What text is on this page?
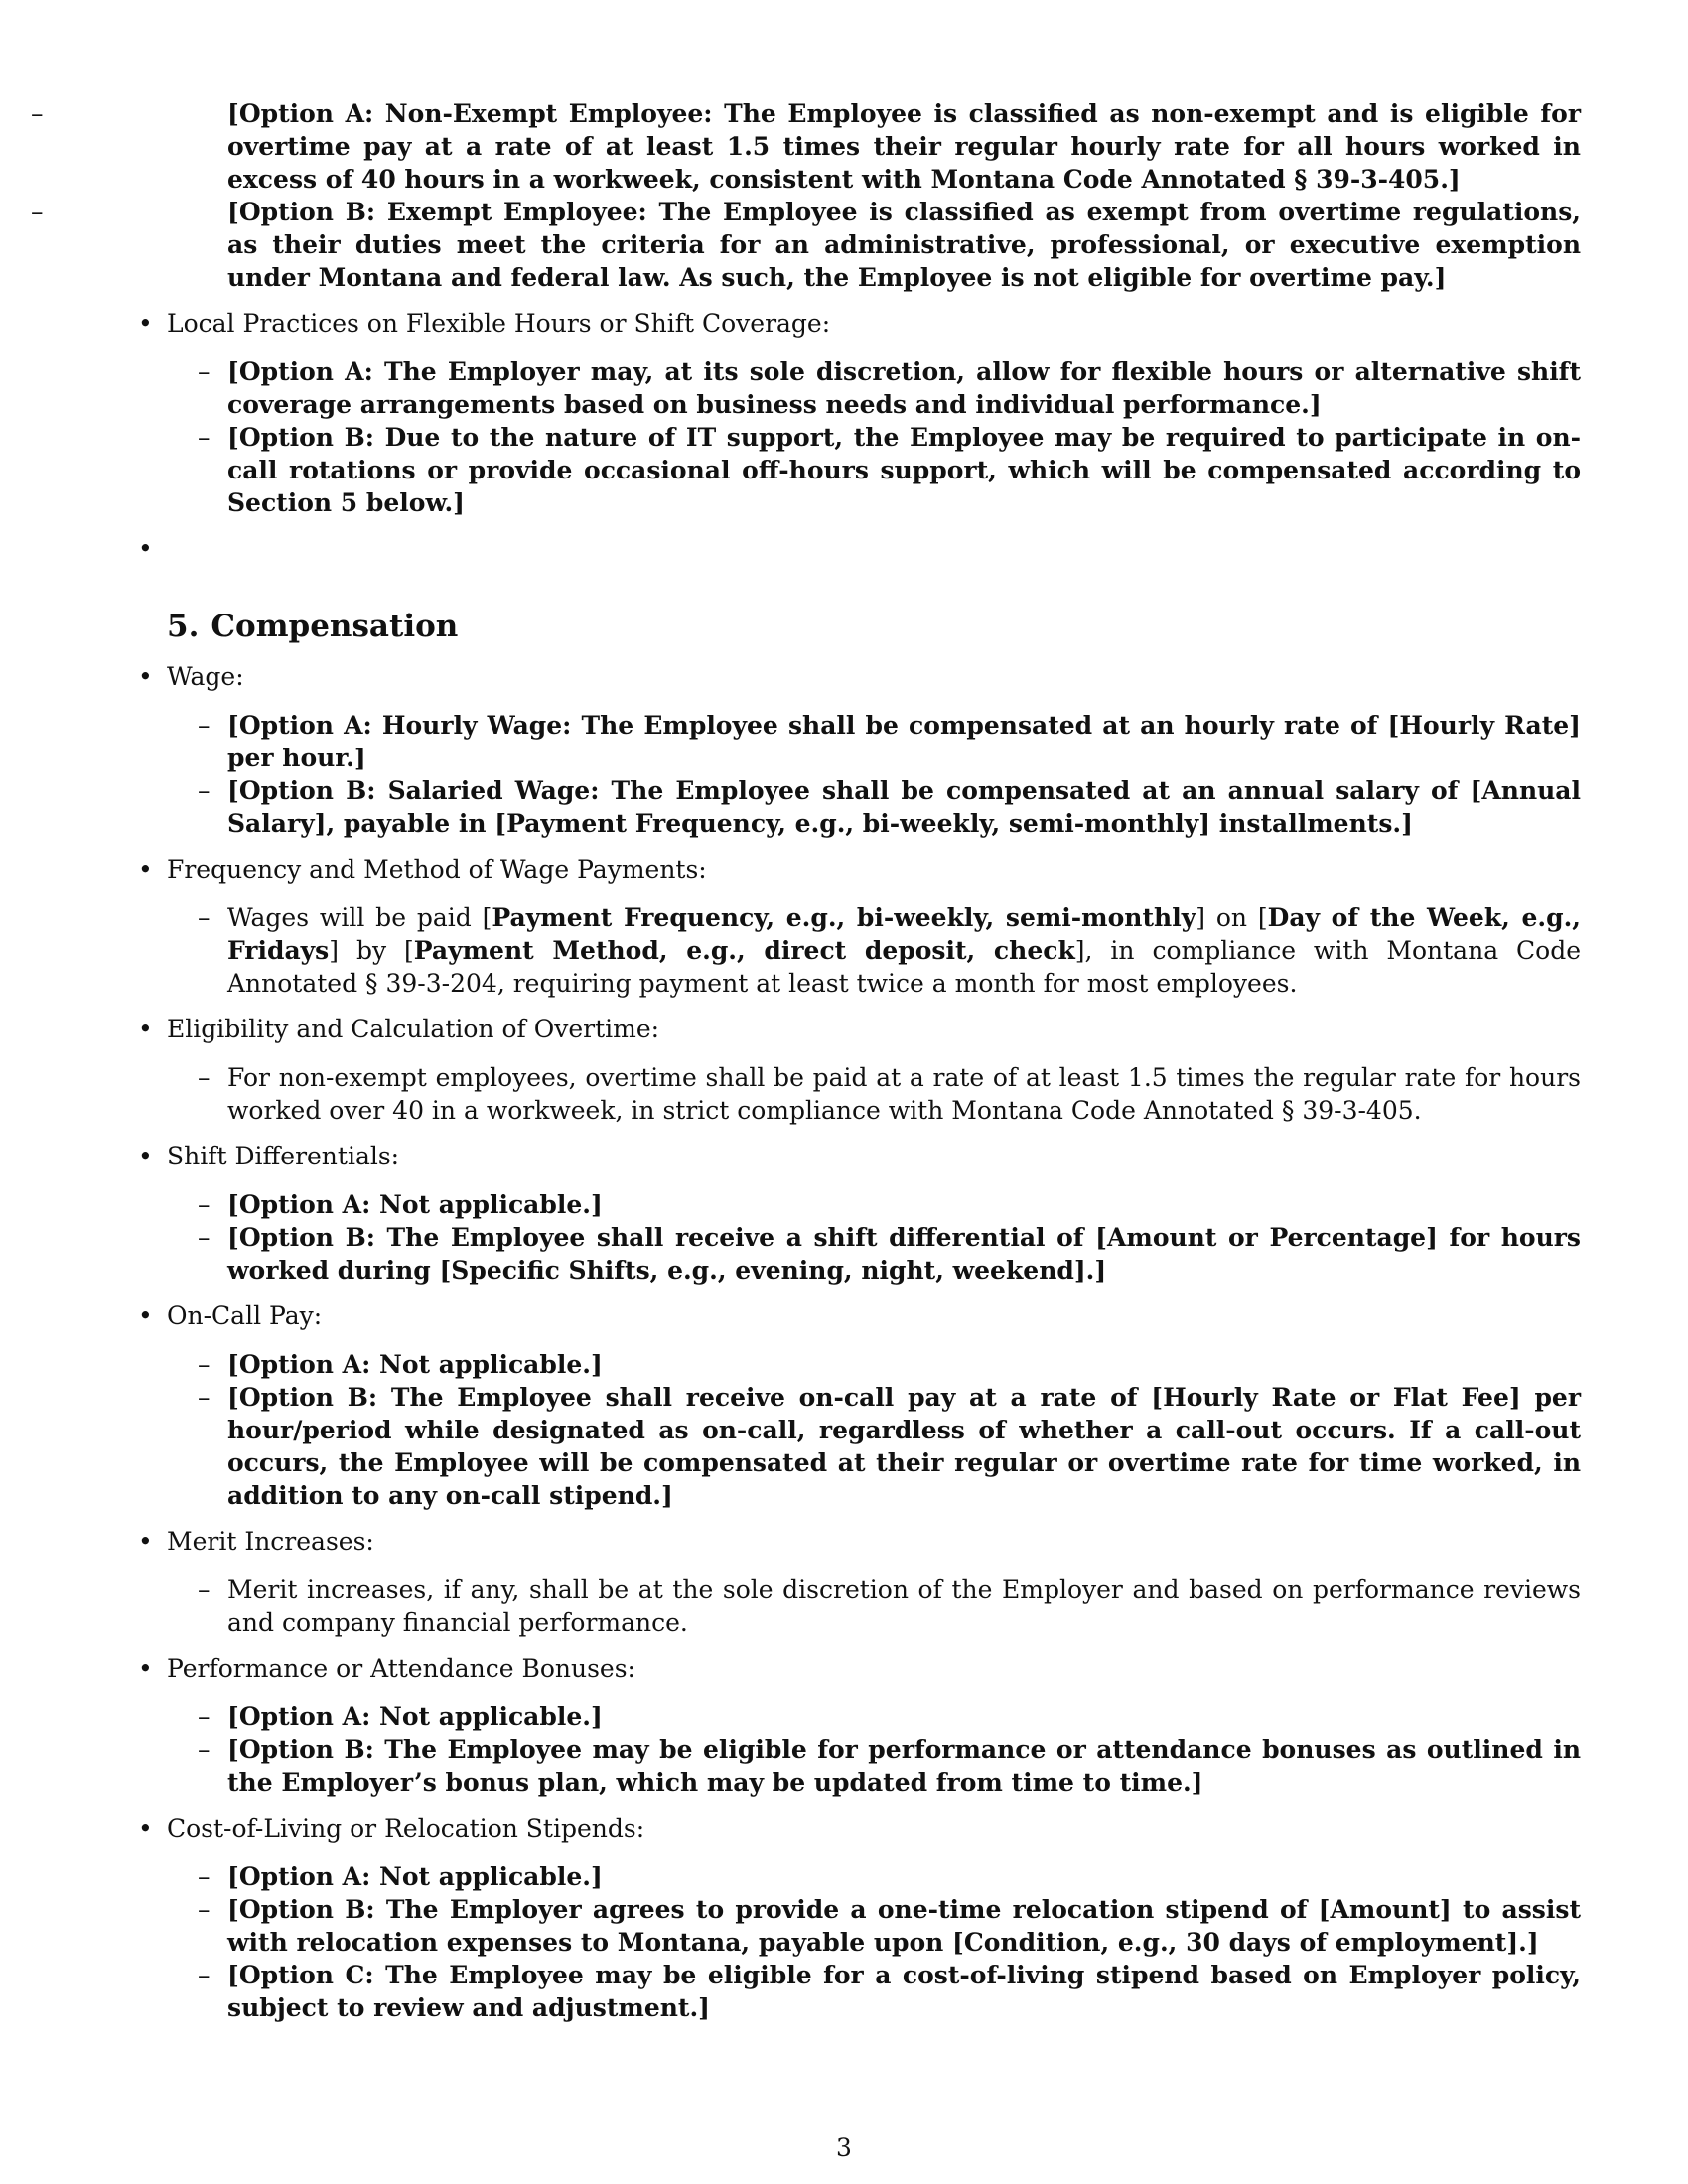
– [Option A: Non-Exempt Employee: The Employee is classified as non-exempt and is eligible for overtime pay at a rate of at least 1.5 times their regular hourly rate for all hours worked in excess of 40 hours in a workweek, consistent with Montana Code Annotated § 39-3-405.]
– [Option B: Exempt Employee: The Employee is classified as exempt from overtime regulations, as their duties meet the criteria for an administrative, professional, or executive exemption under Montana and federal law. As such, the Employee is not eligible for overtime pay.]
• Local Practices on Flexible Hours or Shift Coverage:
– [Option A: The Employer may, at its sole discretion, allow for flexible hours or alternative shift coverage arrangements based on business needs and individual performance.]
– [Option B: Due to the nature of IT support, the Employee may be required to participate in on-call rotations or provide occasional off-hours support, which will be compensated according to Section 5 below.]
•
5. Compensation
• Wage:
– [Option A: Hourly Wage: The Employee shall be compensated at an hourly rate of [Hourly Rate] per hour.]
– [Option B: Salaried Wage: The Employee shall be compensated at an annual salary of [Annual Salary], payable in [Payment Frequency, e.g., bi-weekly, semi-monthly] installments.]
• Frequency and Method of Wage Payments:
– Wages will be paid [Payment Frequency, e.g., bi-weekly, semi-monthly] on [Day of the Week, e.g., Fridays] by [Payment Method, e.g., direct deposit, check], in compliance with Montana Code Annotated § 39-3-204, requiring payment at least twice a month for most employees.
• Eligibility and Calculation of Overtime:
– For non-exempt employees, overtime shall be paid at a rate of at least 1.5 times the regular rate for hours worked over 40 in a workweek, in strict compliance with Montana Code Annotated § 39-3-405.
• Shift Differentials:
– [Option A: Not applicable.]
– [Option B: The Employee shall receive a shift differential of [Amount or Percentage] for hours worked during [Specific Shifts, e.g., evening, night, weekend].]
• On-Call Pay:
– [Option A: Not applicable.]
– [Option B: The Employee shall receive on-call pay at a rate of [Hourly Rate or Flat Fee] per hour/period while designated as on-call, regardless of whether a call-out occurs. If a call-out occurs, the Employee will be compensated at their regular or overtime rate for time worked, in addition to any on-call stipend.]
• Merit Increases:
– Merit increases, if any, shall be at the sole discretion of the Employer and based on performance reviews and company financial performance.
• Performance or Attendance Bonuses:
– [Option A: Not applicable.]
– [Option B: The Employee may be eligible for performance or attendance bonuses as outlined in the Employer’s bonus plan, which may be updated from time to time.]
• Cost-of-Living or Relocation Stipends:
– [Option A: Not applicable.]
– [Option B: The Employer agrees to provide a one-time relocation stipend of [Amount] to assist with relocation expenses to Montana, payable upon [Condition, e.g., 30 days of employment].]
– [Option C: The Employee may be eligible for a cost-of-living stipend based on Employer policy, subject to review and adjustment.]
3
